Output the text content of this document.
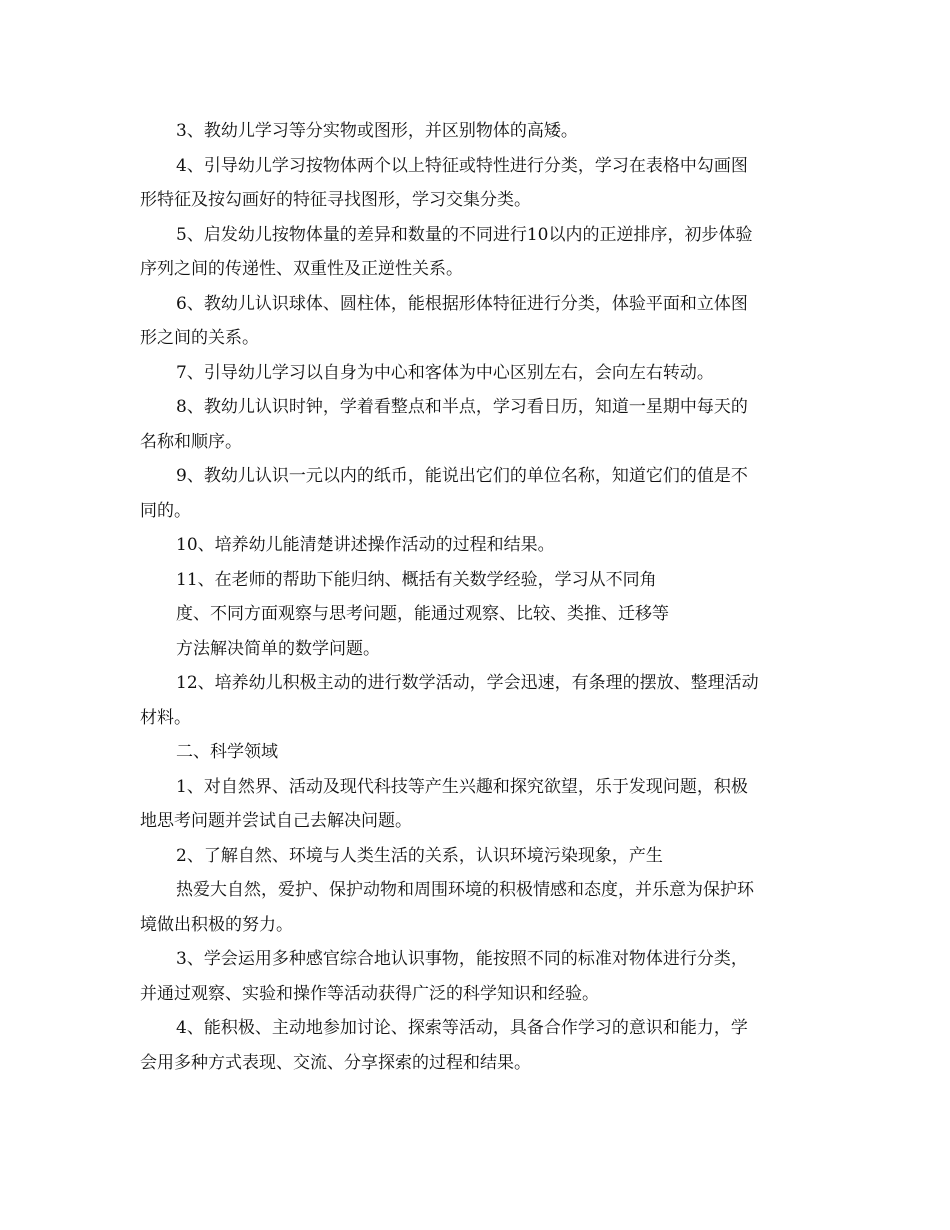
3、教幼儿学习等分实物或图形，并区别物体的高矮。

4、引导幼儿学习按物体两个以上特征或特性进行分类，学习在表格中勾画图
形特征及按勾画好的特征寻找图形，学习交集分类。

5、启发幼儿按物体量的差异和数量的不同进行10以内的正逆排序，初步体验
序列之间的传递性、双重性及正逆性关系。

6、教幼儿认识球体、圆柱体，能根据形体特征进行分类，体验平面和立体图
形之间的关系。

7、引导幼儿学习以自身为中心和客体为中心区别左右，会向左右转动。

8、教幼儿认识时钟，学着看整点和半点，学习看日历，知道一星期中每天的
名称和顺序。

9、教幼儿认识一元以内的纸币，能说出它们的单位名称，知道它们的值是不
同的。

10、培养幼儿能清楚讲述操作活动的过程和结果。

11、在老师的帮助下能归纳、概括有关数学经验，学习从不同角

度、不同方面观察与思考问题，能通过观察、比较、类推、迁移等

方法解决简单的数学问题。

12、培养幼儿积极主动的进行数学活动，学会迅速，有条理的摆放、整理活动
材料。

二、科学领域

1、对自然界、活动及现代科技等产生兴趣和探究欲望，乐于发现问题，积极
地思考问题并尝试自己去解决问题。

2、了解自然、环境与人类生活的关系，认识环境污染现象，产生

热爱大自然，爱护、保护动物和周围环境的积极情感和态度，并乐意为保护环
境做出积极的努力。

3、学会运用多种感官综合地认识事物，能按照不同的标准对物体进行分类，
并通过观察、实验和操作等活动获得广泛的科学知识和经验。

4、能积极、主动地参加讨论、探索等活动，具备合作学习的意识和能力，学
会用多种方式表现、交流、分享探索的过程和结果。
